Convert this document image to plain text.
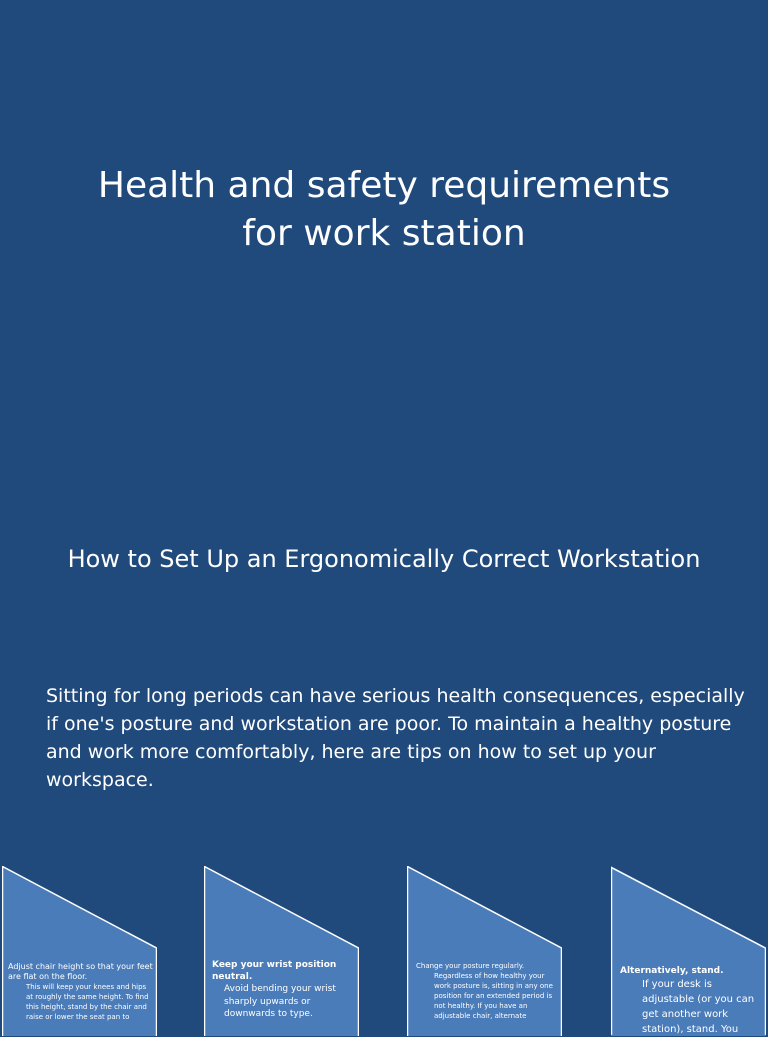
Health and safety requirements
for work station
How to Set Up an Ergonomically Correct Workstation
Sitting for long periods can have serious health consequences, especially if one's posture and workstation are poor. To maintain a healthy posture and work more comfortably, here are tips on how to set up your workspace.
Adjust chair height so that your feet are flat on the floor.
This will keep your knees and hips at roughly the same height. To find this height, stand by the chair and raise or lower the seat pan to
Keep your wrist position neutral.
Avoid bending your wrist sharply upwards or downwards to type.
Change your posture regularly.
Regardless of how healthy your work posture is, sitting in any one position for an extended period is not healthy. If you have an adjustable chair, alternate
Alternatively, stand.
If your desk is adjustable (or you can get another work station), stand. You
